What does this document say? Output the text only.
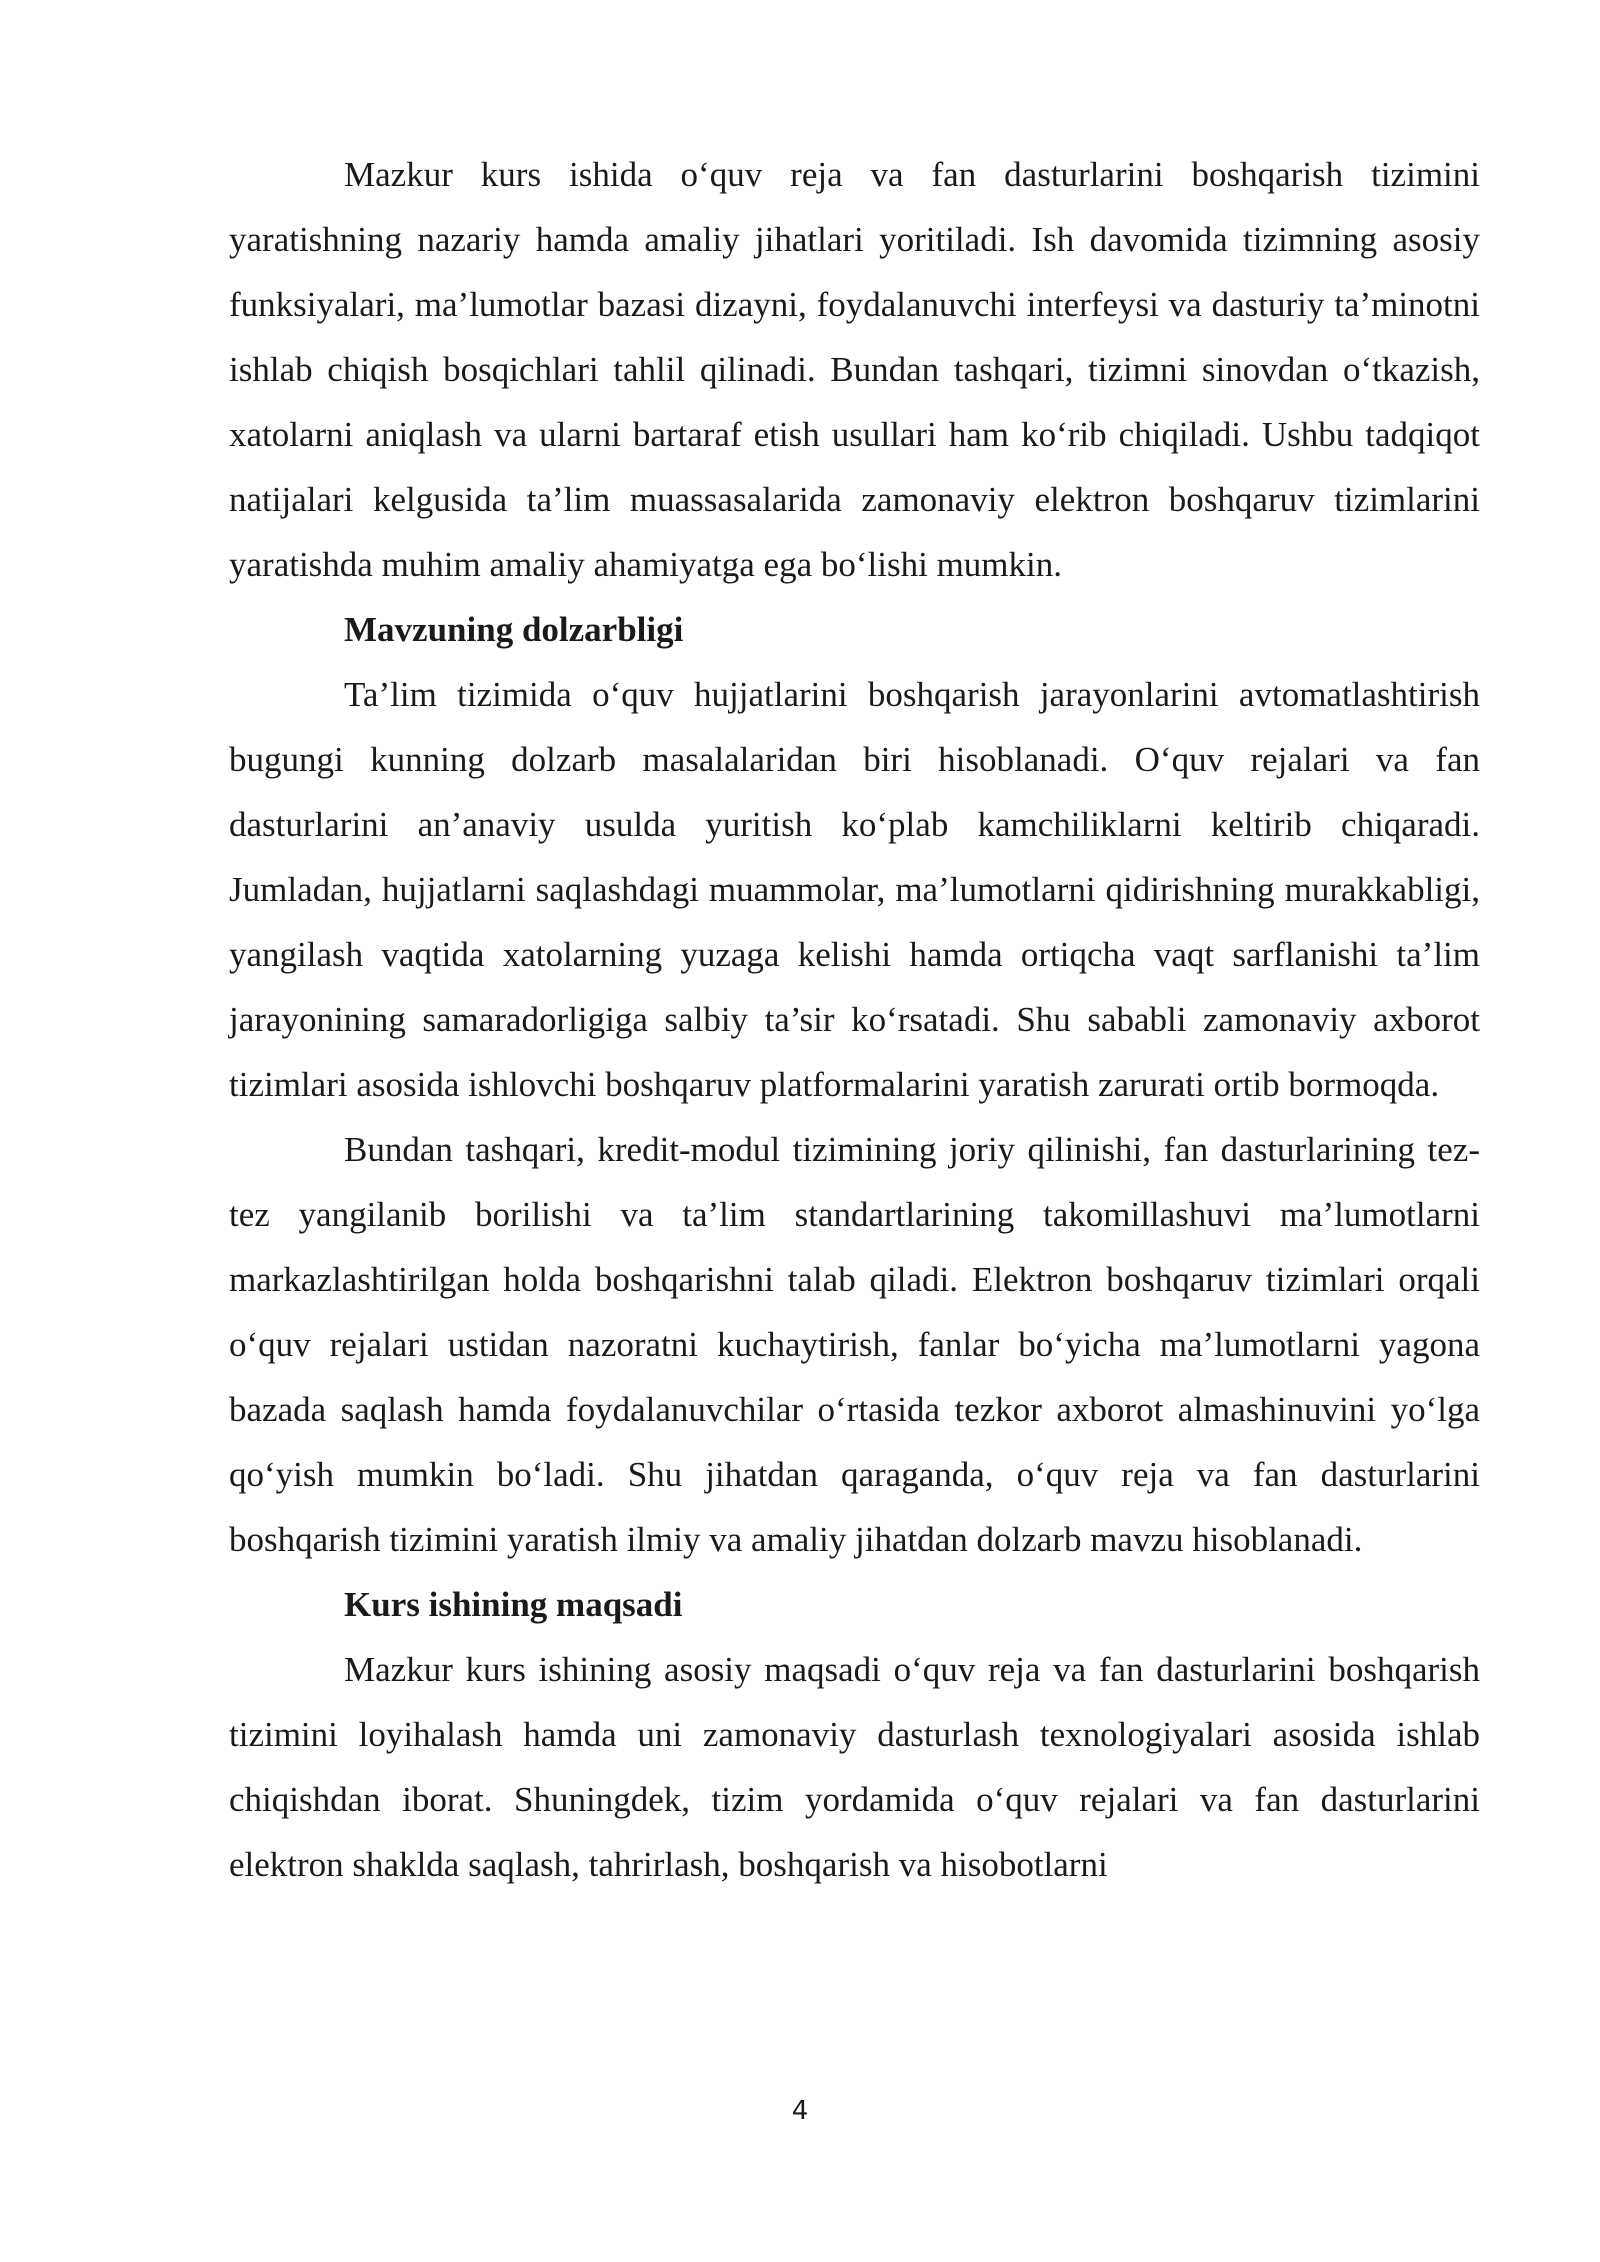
Mazkur kurs ishida o‘quv reja va fan dasturlarini boshqarish tizimini yaratishning nazariy hamda amaliy jihatlari yoritiladi. Ish davomida tizimning asosiy funksiyalari, ma’lumotlar bazasi dizayni, foydalanuvchi interfeysi va dasturiy ta’minotni ishlab chiqish bosqichlari tahlil qilinadi. Bundan tashqari, tizimni sinovdan o‘tkazish, xatolarni aniqlash va ularni bartaraf etish usullari ham ko‘rib chiqiladi. Ushbu tadqiqot natijalari kelgusida ta’lim muassasalarida zamonaviy elektron boshqaruv tizimlarini yaratishda muhim amaliy ahamiyatga ega bo‘lishi mumkin.

Mavzuning dolzarbligi

Ta’lim tizimida o‘quv hujjatlarini boshqarish jarayonlarini avtomatlashtirish bugungi kunning dolzarb masalalaridan biri hisoblanadi. O‘quv rejalari va fan dasturlarini an’anaviy usulda yuritish ko‘plab kamchiliklarni keltirib chiqaradi. Jumladan, hujjatlarni saqlashdagi muammolar, ma’lumotlarni qidirishning murakkabligi, yangilash vaqtida xatolarning yuzaga kelishi hamda ortiqcha vaqt sarflanishi ta’lim jarayonining samaradorligiga salbiy ta’sir ko‘rsatadi. Shu sababli zamonaviy axborot tizimlari asosida ishlovchi boshqaruv platformalarini yaratish zarurati ortib bormoqda.

Bundan tashqari, kredit-modul tizimining joriy qilinishi, fan dasturlarining tez-tez yangilanib borilishi va ta’lim standartlarining takomillashuvi ma’lumotlarni markazlashtirilgan holda boshqarishni talab qiladi. Elektron boshqaruv tizimlari orqali o‘quv rejalari ustidan nazoratni kuchaytirish, fanlar bo‘yicha ma’lumotlarni yagona bazada saqlash hamda foydalanuvchilar o‘rtasida tezkor axborot almashinuvini yo‘lga qo‘yish mumkin bo‘ladi. Shu jihatdan qaraganda, o‘quv reja va fan dasturlarini boshqarish tizimini yaratish ilmiy va amaliy jihatdan dolzarb mavzu hisoblanadi.

Kurs ishining maqsadi

Mazkur kurs ishining asosiy maqsadi o‘quv reja va fan dasturlarini boshqarish tizimini loyihalash hamda uni zamonaviy dasturlash texnologiyalari asosida ishlab chiqishdan iborat. Shuningdek, tizim yordamida o‘quv rejalari va fan dasturlarini elektron shaklda saqlash, tahrirlash, boshqarish va hisobotlarni

4
